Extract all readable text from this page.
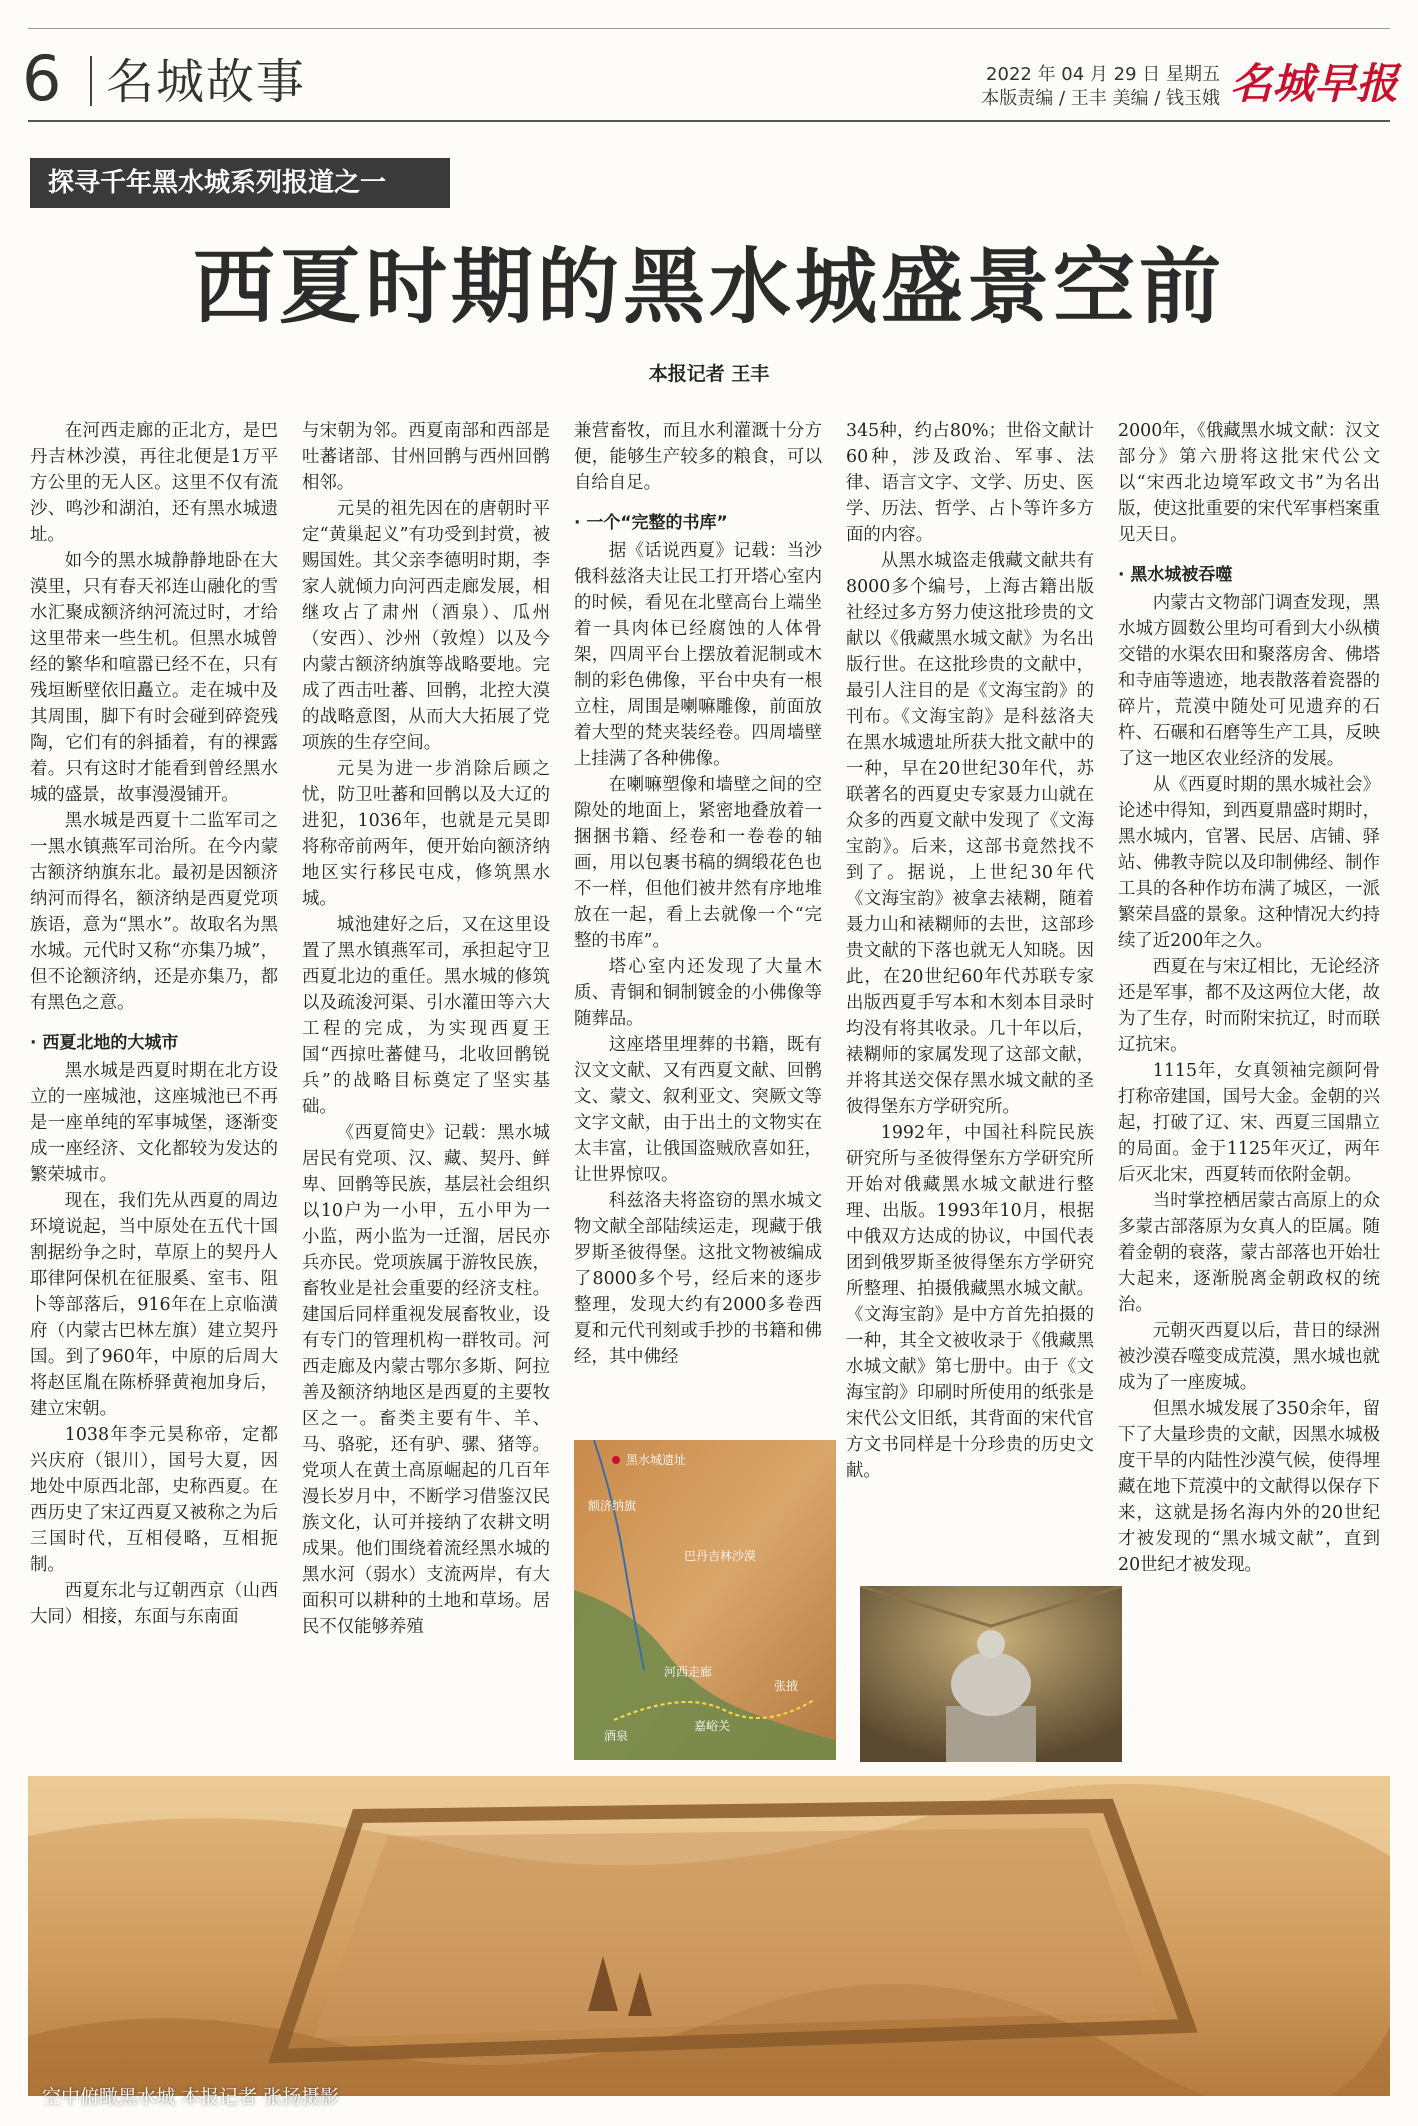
6 名城故事	2022 年 04 月 29 日 星期五
本版责编 / 王丰 美编 / 钱玉娥 名城早报
探寻千年黑水城系列报道之一
西夏时期的黑水城盛景空前
本报记者 王丰

在河西走廊的正北方，是巴丹吉林沙漠，再往北便是1万平方公里的无人区。这里不仅有流沙、鸣沙和湖泊，还有黑水城遗址。

如今的黑水城静静地卧在大漠里，只有春天祁连山融化的雪水汇聚成额济纳河流过时，才给这里带来一些生机。但黑水城曾经的繁华和喧嚣已经不在，只有残垣断壁依旧矗立。走在城中及其周围，脚下有时会碰到碎瓷残陶，它们有的斜插着，有的裸露着。只有这时才能看到曾经黑水城的盛景，故事漫漫铺开。

黑水城是西夏十二监军司之一黑水镇燕军司治所。在今内蒙古额济纳旗东北。最初是因额济纳河而得名，额济纳是西夏党项族语，意为“黑水”。故取名为黑水城。元代时又称“亦集乃城”，但不论额济纳，还是亦集乃，都有黑色之意。

· 西夏北地的大城市

黑水城是西夏时期在北方设立的一座城池，这座城池已不再是一座单纯的军事城堡，逐渐变成一座经济、文化都较为发达的繁荣城市。

现在，我们先从西夏的周边环境说起，当中原处在五代十国割据纷争之时，草原上的契丹人耶律阿保机在征服奚、室韦、阻卜等部落后，916年在上京临潢府（内蒙古巴林左旗）建立契丹国。到了960年，中原的后周大将赵匡胤在陈桥驿黄袍加身后，建立宋朝。

1038年李元昊称帝，定都兴庆府（银川），国号大夏，因地处中原西北部，史称西夏。在西历史了宋辽西夏又被称之为后三国时代，互相侵略，互相扼制。

西夏东北与辽朝西京（山西大同）相接，东面与东南面

与宋朝为邻。西夏南部和西部是吐蕃诸部、甘州回鹘与西州回鹘相邻。

元昊的祖先因在的唐朝时平定“黄巢起义”有功受到封赏，被赐国姓。其父亲李德明时期，李家人就倾力向河西走廊发展，相继攻占了肃州（酒泉）、瓜州（安西）、沙州（敦煌）以及今内蒙古额济纳旗等战略要地。完成了西击吐蕃、回鹘，北控大漠的战略意图，从而大大拓展了党项族的生存空间。

元昊为进一步消除后顾之忧，防卫吐蕃和回鹘以及大辽的进犯，1036年，也就是元昊即将称帝前两年，便开始向额济纳地区实行移民屯戍，修筑黑水城。

城池建好之后，又在这里设置了黑水镇燕军司，承担起守卫西夏北边的重任。黑水城的修筑以及疏浚河渠、引水灌田等六大工程的完成，为实现西夏王国“西掠吐蕃健马，北收回鹘锐兵”的战略目标奠定了坚实基础。

《西夏简史》记载：黑水城居民有党项、汉、藏、契丹、鲜卑、回鹘等民族，基层社会组织以10户为一小甲，五小甲为一小监，两小监为一迁溜，居民亦兵亦民。党项族属于游牧民族，畜牧业是社会重要的经济支柱。建国后同样重视发展畜牧业，设有专门的管理机构一群牧司。河西走廊及内蒙古鄂尔多斯、阿拉善及额济纳地区是西夏的主要牧区之一。畜类主要有牛、羊、马、骆驼，还有驴、骡、猪等。党项人在黄土高原崛起的几百年漫长岁月中，不断学习借鉴汉民族文化，认可并接纳了农耕文明成果。他们围绕着流经黑水城的黑水河（弱水）支流两岸，有大面积可以耕种的土地和草场。居民不仅能够养殖

兼营畜牧，而且水利灌溉十分方便，能够生产较多的粮食，可以自给自足。

· 一个“完整的书库”

据《话说西夏》记载：当沙俄科兹洛夫让民工打开塔心室内的时候，看见在北壁高台上端坐着一具肉体已经腐蚀的人体骨架，四周平台上摆放着泥制或木制的彩色佛像，平台中央有一根立柱，周围是喇嘛雕像，前面放着大型的梵夹装经卷。四周墙壁上挂满了各种佛像。

在喇嘛塑像和墙壁之间的空隙处的地面上，紧密地叠放着一捆捆书籍、经卷和一卷卷的轴画，用以包裹书稿的绸缎花色也不一样，但他们被井然有序地堆放在一起，看上去就像一个“完整的书库”。

塔心室内还发现了大量木质、青铜和铜制镀金的小佛像等随葬品。

这座塔里埋葬的书籍，既有汉文文献、又有西夏文献、回鹘文、蒙文、叙利亚文、突厥文等文字文献，由于出土的文物实在太丰富，让俄国盗贼欣喜如狂，让世界惊叹。

科兹洛夫将盗窃的黑水城文物文献全部陆续运走，现藏于俄罗斯圣彼得堡。这批文物被编成了8000多个号，经后来的逐步整理，发现大约有2000多卷西夏和元代刊刻或手抄的书籍和佛经，其中佛经

345种，约占80%；世俗文献计60种，涉及政治、军事、法律、语言文字、文学、历史、医学、历法、哲学、占卜等许多方面的内容。

从黑水城盗走俄藏文献共有8000多个编号，上海古籍出版社经过多方努力使这批珍贵的文献以《俄藏黑水城文献》为名出版行世。在这批珍贵的文献中，最引人注目的是《文海宝韵》的刊布。《文海宝韵》是科兹洛夫在黑水城遗址所获大批文献中的一种，早在20世纪30年代，苏联著名的西夏史专家聂力山就在众多的西夏文献中发现了《文海宝韵》。后来，这部书竟然找不到了。据说，上世纪30年代《文海宝韵》被拿去裱糊，随着聂力山和裱糊师的去世，这部珍贵文献的下落也就无人知晓。因此，在20世纪60年代苏联专家出版西夏手写本和木刻本目录时均没有将其收录。几十年以后，裱糊师的家属发现了这部文献，并将其送交保存黑水城文献的圣彼得堡东方学研究所。

1992年，中国社科院民族研究所与圣彼得堡东方学研究所开始对俄藏黑水城文献进行整理、出版。1993年10月，根据中俄双方达成的协议，中国代表团到俄罗斯圣彼得堡东方学研究所整理、拍摄俄藏黑水城文献。《文海宝韵》是中方首先拍摄的一种，其全文被收录于《俄藏黑水城文献》第七册中。由于《文海宝韵》印刷时所使用的纸张是宋代公文旧纸，其背面的宋代官方文书同样是十分珍贵的历史文献。

2000年，《俄藏黑水城文献：汉文部分》第六册将这批宋代公文以“宋西北边境军政文书”为名出版，使这批重要的宋代军事档案重见天日。

· 黑水城被吞噬

内蒙古文物部门调查发现，黑水城方圆数公里均可看到大小纵横交错的水渠农田和聚落房舍、佛塔和寺庙等遗迹，地表散落着瓷器的碎片，荒漠中随处可见遗弃的石杵、石碾和石磨等生产工具，反映了这一地区农业经济的发展。

从《西夏时期的黑水城社会》论述中得知，到西夏鼎盛时期时，黑水城内，官署、民居、店铺、驿站、佛教寺院以及印制佛经、制作工具的各种作坊布满了城区，一派繁荣昌盛的景象。这种情况大约持续了近200年之久。

西夏在与宋辽相比，无论经济还是军事，都不及这两位大佬，故为了生存，时而附宋抗辽，时而联辽抗宋。

1115年，女真领袖完颜阿骨打称帝建国，国号大金。金朝的兴起，打破了辽、宋、西夏三国鼎立的局面。金于1125年灭辽，两年后灭北宋，西夏转而依附金朝。

当时掌控栖居蒙古高原上的众多蒙古部落原为女真人的臣属。随着金朝的衰落，蒙古部落也开始壮大起来，逐渐脱离金朝政权的统治。

元朝灭西夏以后，昔日的绿洲被沙漠吞噬变成荒漠，黑水城也就成为了一座废城。

但黑水城发展了350余年，留下了大量珍贵的文献，因黑水城极度干旱的内陆性沙漠气候，使得埋藏在地下荒漠中的文献得以保存下来，这就是扬名海内外的20世纪才被发现的“黑水城文献”，直到20世纪才被发现。

黑水城遗址
巴丹吉林沙漠
额济纳旗
河西走廊
酒泉
嘉峪关
张掖
空中俯瞰黑水城 本报记者 张扬摄影
